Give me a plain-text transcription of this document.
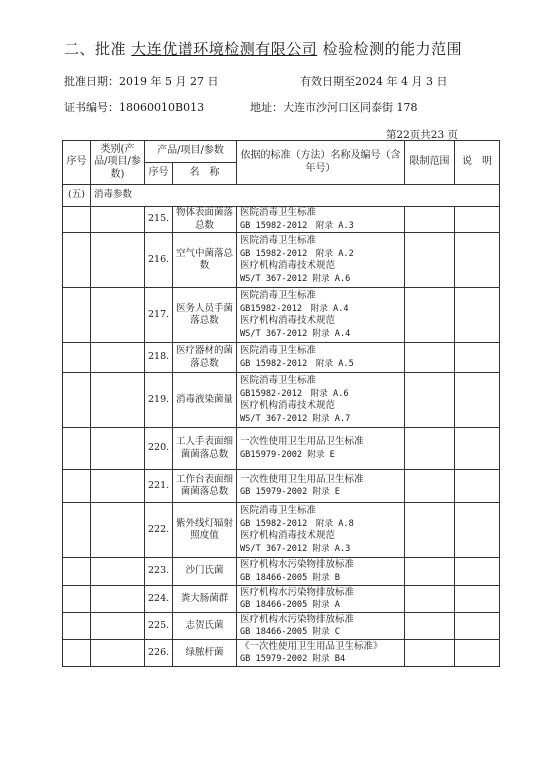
二、批准 大连优谱环境检测有限公司 检验检测的能力范围
批准日期：2019 年 5 月 27 日	有效日期至2024 年 4 月 3 日
证书编号：18060010B013	地址：大连市沙河口区同泰街 178
第22页共23 页
序号	类别(产品/项目/参数)	产品/项目/参数		依据的标准（方法）名称及编号（含年号）	限制范围	说　明
		序号	名　称			
(五)	消毒参数					
		215.	物体表面菌落总数	医院消毒卫生标准
GB 15982-2012　附录 A.3		

		216.	空气中菌落总数	医院消毒卫生标准
GB 15982-2012　附录 A.2
医疗机构消毒技术规范
WS/T 367-2012 附录 A.6		

		217.	医务人员手菌落总数	医院消毒卫生标准
GB15982-2012　附录 A.4
医疗机构消毒技术规范
WS/T 367-2012 附录 A.4		

		218.	医疗器材的菌落总数	医院消毒卫生标准
GB 15982-2012　附录 A.5		

		219.	消毒液染菌量	医院消毒卫生标准
GB15982-2012　附录 A.6
医疗机构消毒技术规范
WS/T 367-2012 附录 A.7		

		220.	工人手表面细菌菌落总数	一次性使用卫生用品卫生标准
GB15979-2002 附录 E		

		221.	工作台表面细菌菌落总数	一次性使用卫生用品卫生标准
GB 15979-2002 附录 E		

		222.	紫外线灯辐射照度值	医院消毒卫生标准
GB 15982-2012　附录 A.8
医疗机构消毒技术规范
WS/T 367-2012 附录 A.3		

		223.	沙门氏菌	医疗机构水污染物排放标准
GB 18466-2005 附录 B		

		224.	粪大肠菌群	医疗机构水污染物排放标准
GB 18466-2005 附录 A		

		225.	志贺氏菌	医疗机构水污染物排放标准
GB 18466-2005 附录 C		

		226.	绿脓杆菌	《一次性使用卫生用品卫生标准》
GB 15979-2002 附录 B4		
